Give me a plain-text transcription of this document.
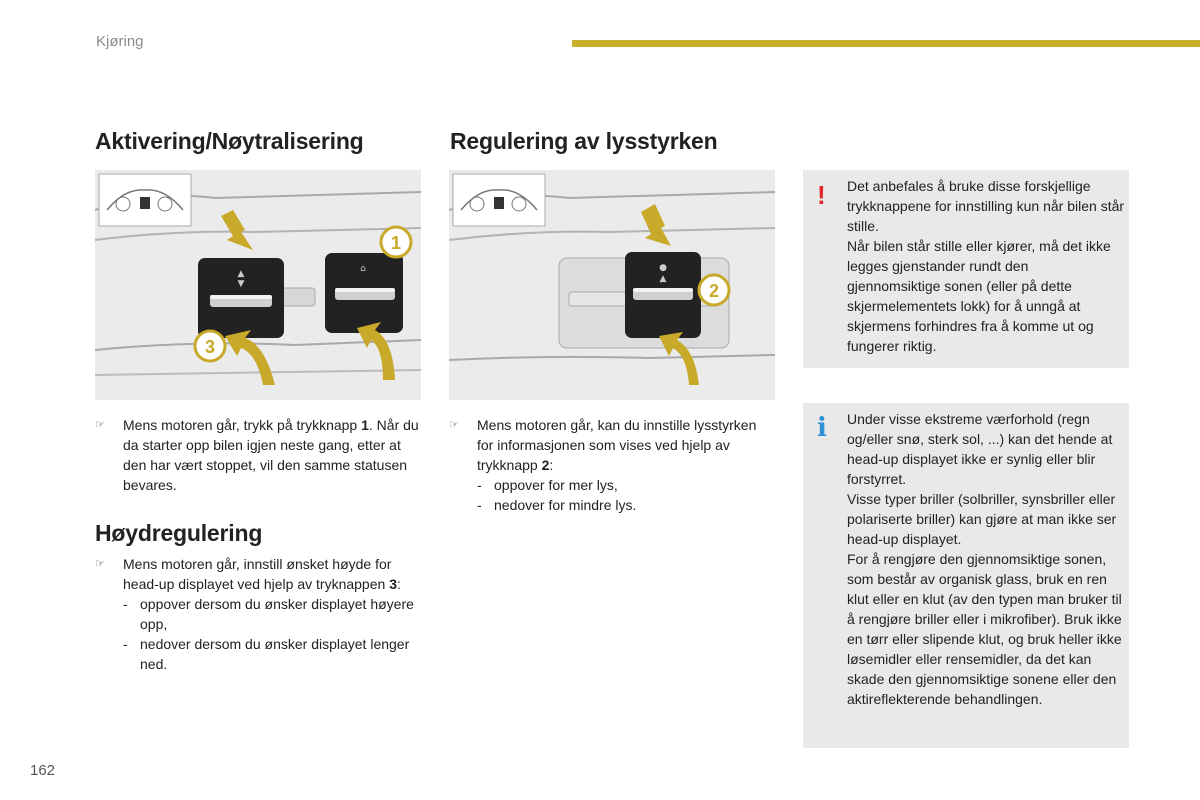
Kjøring
Aktivering/Nøytralisering
▲
▼
⌂
1
3
☞ Mens motoren går, trykk på trykknapp 1. Når du da starter opp bilen igjen neste gang, etter at den har vært stoppet, vil den samme statusen bevares.
Høydregulering
☞ Mens motoren går, innstill ønsket høyde for head-up displayet ved hjelp av tryknappen 3:
- oppover dersom du ønsker displayet høyere opp,
- nedover dersom du ønsker displayet lenger ned.
Regulering av lysstyrken
●
▲
2
☞ Mens motoren går, kan du innstille lysstyrken for informasjonen som vises ved hjelp av trykknapp 2:
- oppover for mer lys,
- nedover for mindre lys.
! Det anbefales å bruke disse forskjellige trykknappene for innstilling kun når bilen står stille.

Når bilen står stille eller kjører, må det ikke legges gjenstander rundt den gjennomsiktige sonen (eller på dette skjermelementets lokk) for å unngå at skjermens forhindres fra å komme ut og fungerer riktig.

i Under visse ekstreme værforhold (regn og/eller snø, sterk sol, ...) kan det hende at head-up displayet ikke er synlig eller blir forstyrret.

Visse typer briller (solbriller, synsbriller eller polariserte briller) kan gjøre at man ikke ser head-up displayet.

For å rengjøre den gjennomsiktige sonen, som består av organisk glass, bruk en ren klut eller en klut (av den typen man bruker til å rengjøre briller eller i mikrofiber). Bruk ikke en tørr eller slipende klut, og bruk heller ikke løsemidler eller rensemidler, da det kan skade den gjennomsiktige sonene eller den aktireflekterende behandlingen.

162
